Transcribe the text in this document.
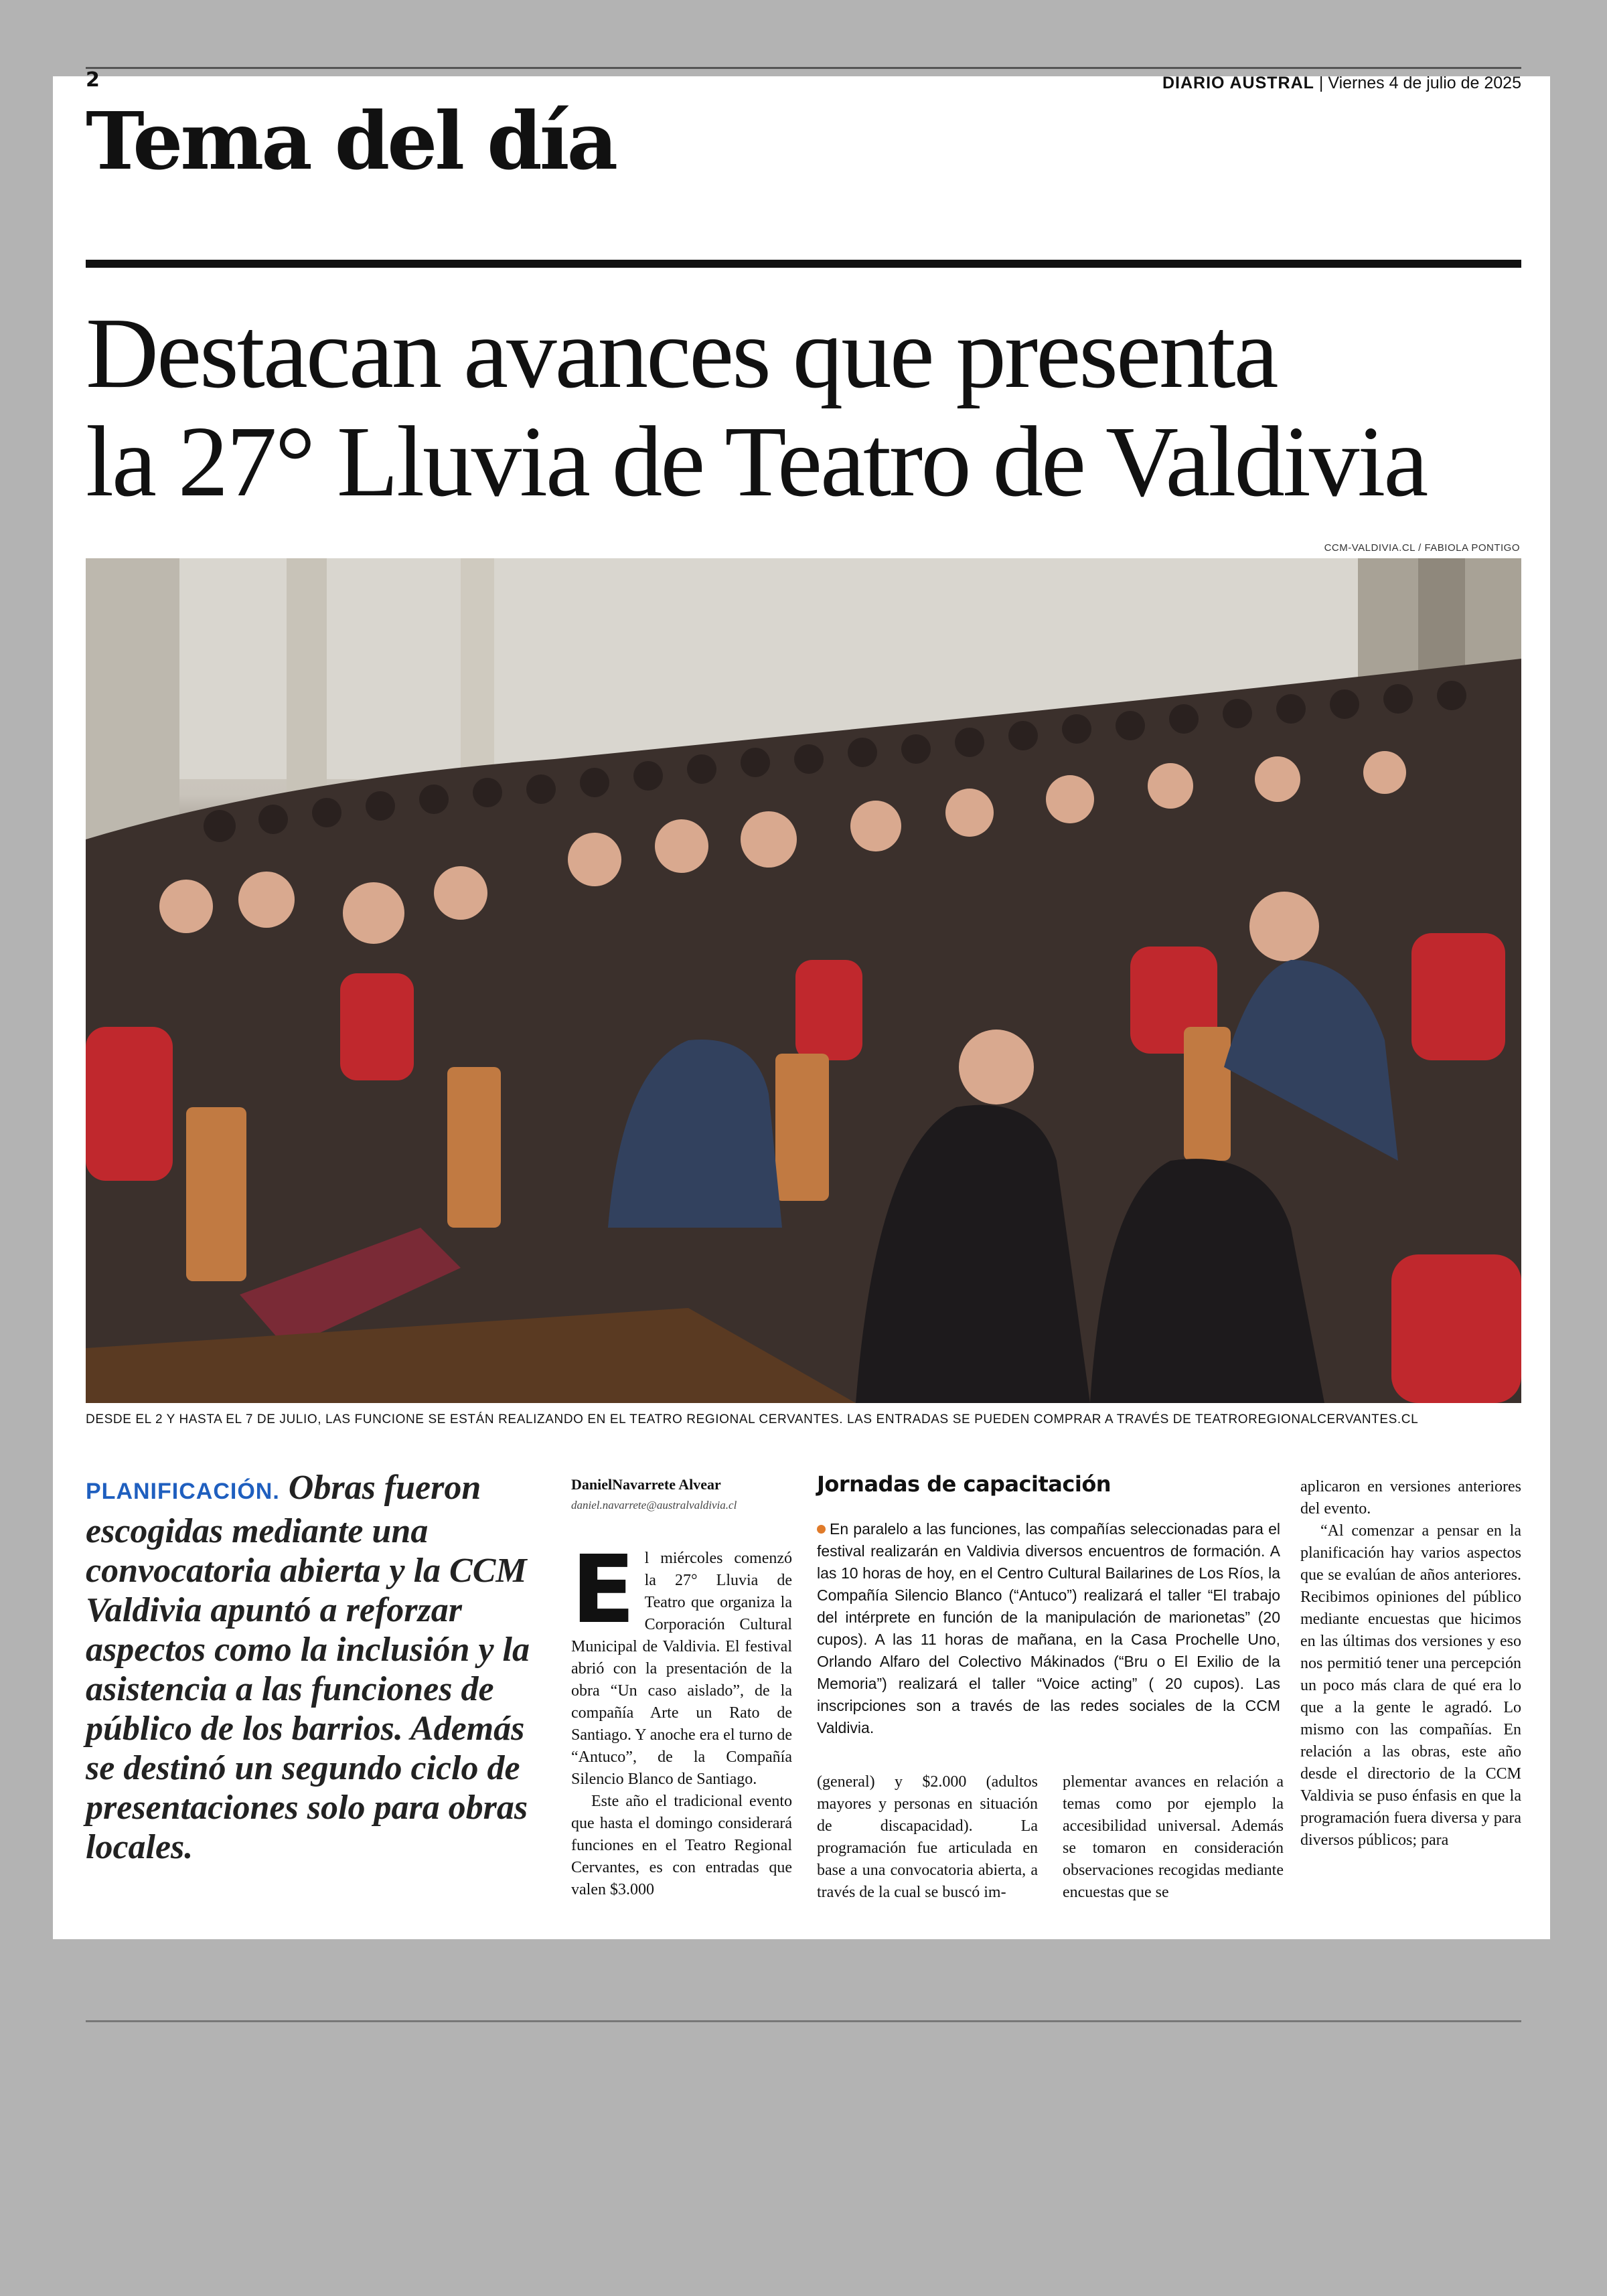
2	DIARIO AUSTRAL | Viernes 4 de julio de 2025
Tema del día
Destacan avances que presenta
la 27° Lluvia de Teatro de Valdivia
CCM-VALDIVIA.CL / FABIOLA PONTIGO
DESDE EL 2 Y HASTA EL 7 DE JULIO, LAS FUNCIONE SE ESTÁN REALIZANDO EN EL TEATRO REGIONAL CERVANTES. LAS ENTRADAS SE PUEDEN COMPRAR A TRAVÉS DE TEATROREGIONALCERVANTES.CL
PLANIFICACIÓN. Obras fueron escogidas mediante una convocatoria abierta y la CCM Valdivia apuntó a reforzar aspectos como la inclusión y la asistencia a las funciones de público de los barrios. Además se destinó un segundo ciclo de presentaciones solo para obras locales.
DanielNavarrete Alvear
daniel.navarrete@australvaldivia.cl

El miércoles comenzó la 27° Lluvia de Teatro que organiza la Corporación Cultural Municipal de Valdivia. El festival abrió con la presentación de la obra “Un caso aislado”, de la compañía Arte un Rato de Santiago. Y anoche era el turno de “Antuco”, de la Compañía Silencio Blanco de Santiago.

Este año el tradicional evento que hasta el domingo considerará funciones en el Teatro Regional Cervantes, es con entradas que valen $3.000

Jornadas de capacitación
En paralelo a las funciones, las compañías seleccionadas para el festival realizarán en Valdivia diversos encuentros de formación. A las 10 horas de hoy, en el Centro Cultural Bailarines de Los Ríos, la Compañía Silencio Blanco (“Antuco”) realizará el taller “El trabajo del intérprete en función de la manipulación de marionetas” (20 cupos). A las 11 horas de mañana, en la Casa Prochelle Uno, Orlando Alfaro del Colectivo Mákinados (“Bru o El Exilio de la Memoria”) realizará el taller “Voice acting” ( 20 cupos). Las inscripciones son a través de las redes sociales de la CCM Valdivia.

(general) y $2.000 (adultos mayores y personas en situación de discapacidad). La programación fue articulada en base a una convocatoria abierta, a través de la cual se buscó im-

plementar avances en relación a temas como por ejemplo la accesibilidad universal. Además se tomaron en consideración observaciones recogidas mediante encuestas que se

aplicaron en versiones anteriores del evento.

“Al comenzar a pensar en la planificación hay varios aspectos que se evalúan de años anteriores. Recibimos opiniones del público mediante encuestas que hicimos en las últimas dos versiones y eso nos permitió tener una percepción un poco más clara de qué era lo que a la gente le agradó. Lo mismo con las compañías. En relación a las obras, este año desde el directorio de la CCM Valdivia se puso énfasis en que la programación fuera diversa y para diversos públicos; para
